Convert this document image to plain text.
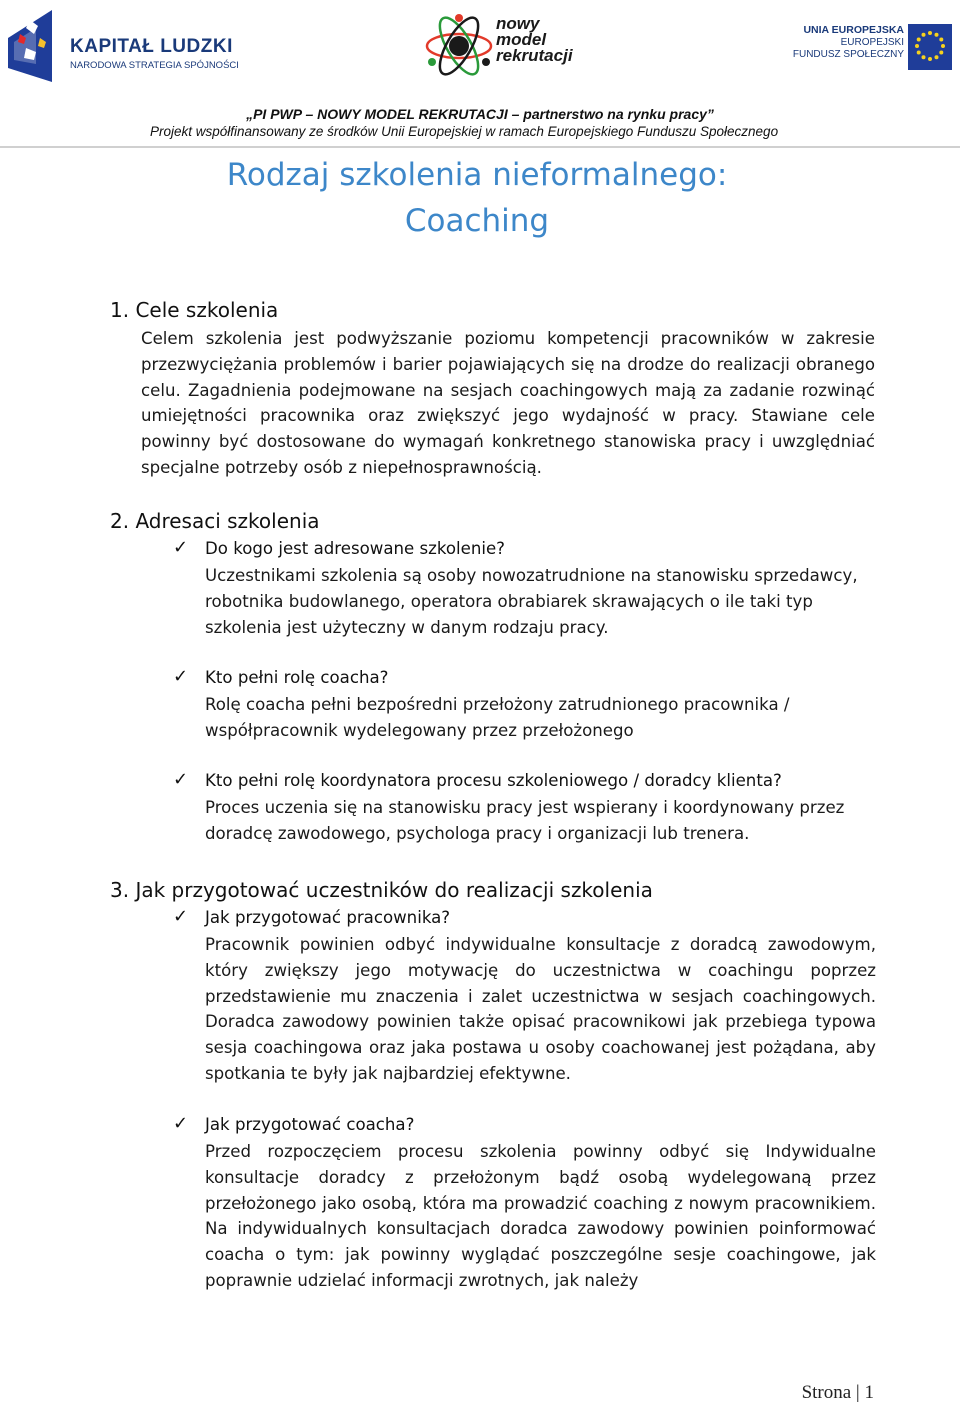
KAPITAŁ LUDZKI
NARODOWA STRATEGIA SPÓJNOŚCI
nowy
model
rekrutacji
UNIA EUROPEJSKA
EUROPEJSKI
FUNDUSZ SPOŁECZNY
„PI PWP – NOWY MODEL REKRUTACJI – partnerstwo na rynku pracy”
Projekt współfinansowany ze środków Unii Europejskiej w ramach Europejskiego Funduszu Społecznego
Rodzaj szkolenia nieformalnego:
Coaching
1. Cele szkolenia

Celem szkolenia jest podwyższanie poziomu kompetencji pracowników w zakresie przezwyciężania problemów i barier pojawiających się na drodze do realizacji obranego celu. Zagadnienia podejmowane na sesjach coachingowych mają za zadanie rozwinąć umiejętności pracownika oraz zwiększyć jego wydajność w pracy. Stawiane cele powinny być dostosowane do wymagań konkretnego stanowiska pracy i uwzględniać specjalne potrzeby osób z niepełnosprawnością.

2. Adresaci szkolenia
✓ Do kogo jest adresowane szkolenie?

Uczestnikami szkolenia są osoby nowozatrudnione na stanowisku sprzedawcy, robotnika budowlanego, operatora obrabiarek skrawających o ile taki typ szkolenia jest użyteczny w danym rodzaju pracy.

✓ Kto pełni rolę coacha?

Rolę coacha pełni bezpośredni przełożony zatrudnionego pracownika / współpracownik wydelegowany przez przełożonego

✓ Kto pełni rolę koordynatora procesu szkoleniowego / doradcy klienta?

Proces uczenia się na stanowisku pracy jest wspierany i koordynowany przez doradcę zawodowego, psychologa pracy i organizacji lub trenera.

3. Jak przygotować uczestników do realizacji szkolenia
✓ Jak przygotować pracownika?

Pracownik powinien odbyć indywidualne konsultacje z doradcą zawodowym, który zwiększy jego motywację do uczestnictwa w coachingu poprzez przedstawienie mu znaczenia i zalet uczestnictwa w sesjach coachingowych. Doradca zawodowy powinien także opisać pracownikowi jak przebiega typowa sesja coachingowa oraz jaka postawa u osoby coachowanej jest pożądana, aby spotkania te były jak najbardziej efektywne.

✓ Jak przygotować coacha?

Przed rozpoczęciem procesu szkolenia powinny odbyć się Indywidualne konsultacje doradcy z przełożonym bądź osobą wydelegowaną przez przełożonego jako osobą, która ma prowadzić coaching z nowym pracownikiem. Na indywidualnych konsultacjach doradca zawodowy powinien poinformować coacha o tym: jak powinny wyglądać poszczególne sesje coachingowe, jak poprawnie udzielać informacji zwrotnych, jak należy

Strona | 1
